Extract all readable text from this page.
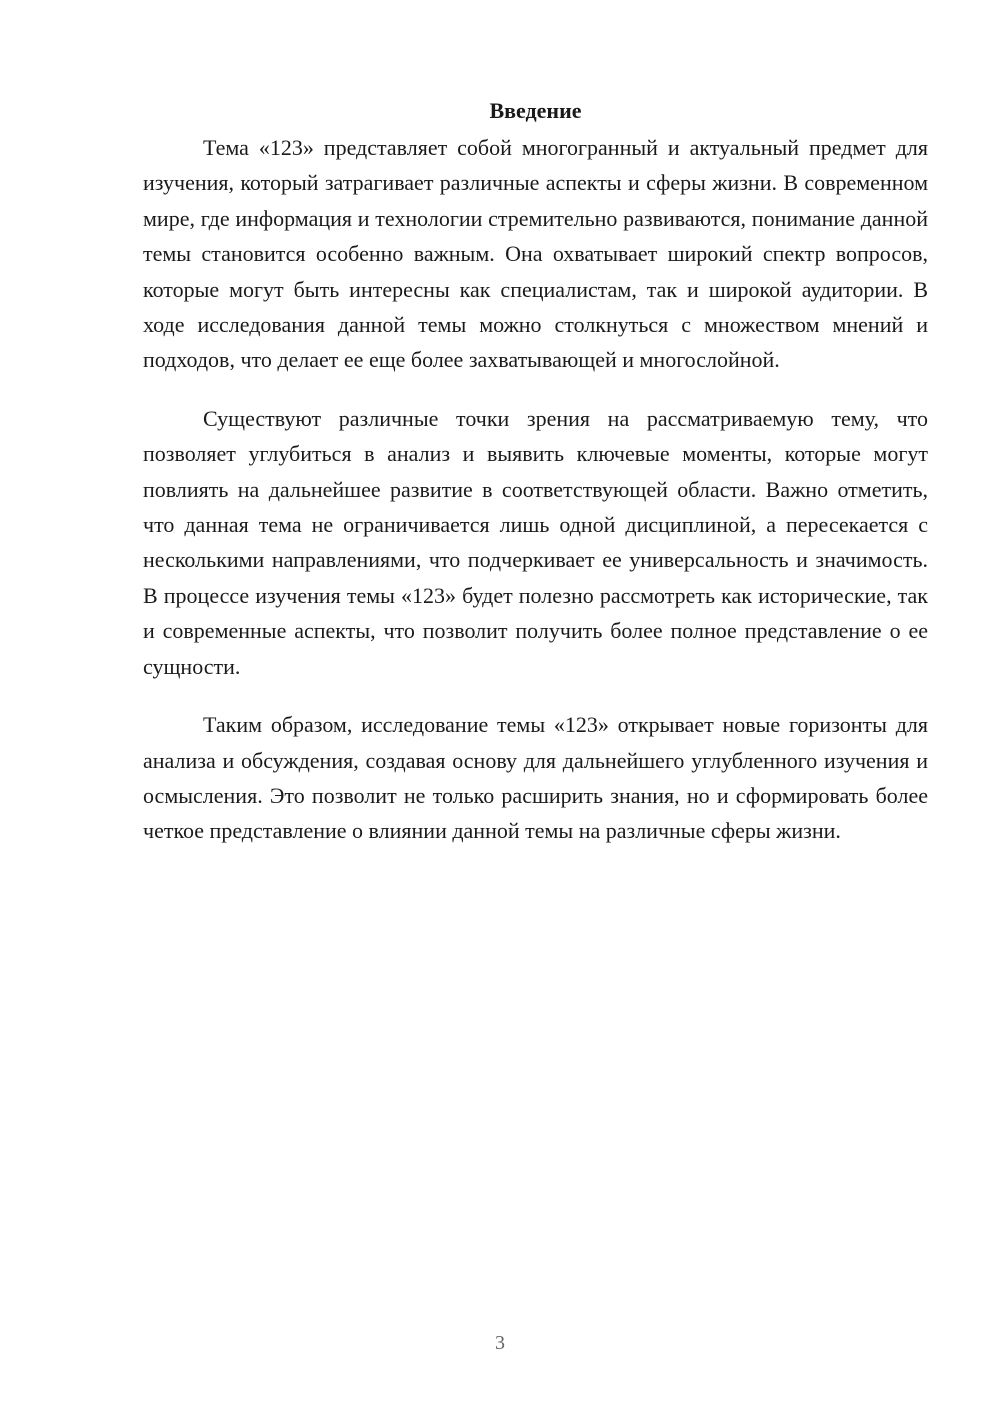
Введение

Тема «123» представляет собой многогранный и актуальный предмет для изучения, который затрагивает различные аспекты и сферы жизни. В современном мире, где информация и технологии стремительно развиваются, понимание данной темы становится особенно важным. Она охватывает широкий спектр вопросов, которые могут быть интересны как специалистам, так и широкой аудитории. В ходе исследования данной темы можно столкнуться с множеством мнений и подходов, что делает ее еще более захватывающей и многослойной.

Существуют различные точки зрения на рассматриваемую тему, что позволяет углубиться в анализ и выявить ключевые моменты, которые могут повлиять на дальнейшее развитие в соответствующей области. Важно отметить, что данная тема не ограничивается лишь одной дисциплиной, а пересекается с несколькими направлениями, что подчеркивает ее универсальность и значимость. В процессе изучения темы «123» будет полезно рассмотреть как исторические, так и современные аспекты, что позволит получить более полное представление о ее сущности.

Таким образом, исследование темы «123» открывает новые горизонты для анализа и обсуждения, создавая основу для дальнейшего углубленного изучения и осмысления. Это позволит не только расширить знания, но и сформировать более четкое представление о влиянии данной темы на различные сферы жизни.

3
